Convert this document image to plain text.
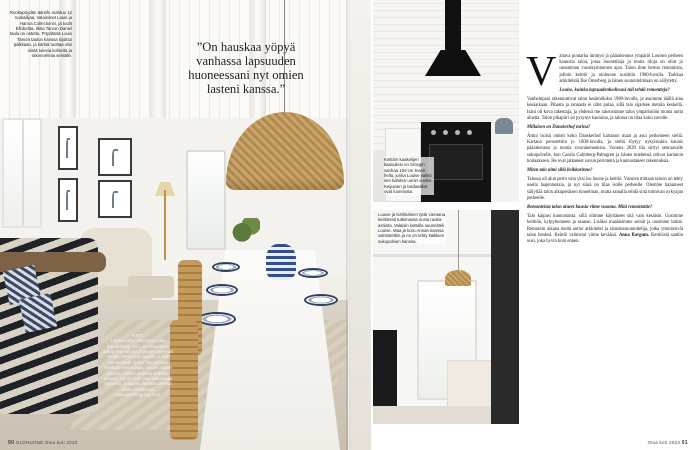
Ruokapöydän äärelle mahtuu 12 ruokailijaa. Valaisimet Louis ja Hanna Collectionin, ja tuolit Ellobeltta. Ilkka Tarvon Daniel taulu on ostettu. Pöydässä Louis Tarvon taulun kanssa sijoittui palkkaan, ja kärkiä tuottaa viisi niistä tulevia kohteita ja rakennelmia seinälle.
”On hauskaa yöpyä vanhassa lapsuuden huoneessani nyt omien lasteni kanssa.”
KATI
1980-luvulla rakennettu Lake Dannkirkeriin talo, on useamman sukupolven alusta. Kattojen asennus tehtiin 1980-luvun lopulla ja osa perinteisistä ovista. Nyt talossa mietitään uusia tiloja, muiden lasten kanssa. Lisäksi asuntoa pidetään tarkasti, jolloin tuolit ovat jatkuvassa käytössä, ja lapset viettävät talossa aikaa. Lisätietoja: www.danskogroup.com
90 OLOHUONE Oma koti 2023
Keittiön kaakelijen kaasuliesi on Smegin vanhaa 100 cm leveä hella, jonka Louise valitsi sen kahden uunin vuoksi. Keijuinen ja lasilaatikot ovat luonnosta.
Louise ja Kärkkäinen tytär vieraana keittiössä tutkimassa uusia ruoka-astioita. Valaisin kattolla suunnitteli Louise. Maa ja koru Annan kanssa valmistettiin ja ne on tehty kaikkien sukupolvien kanssa.

Valtava puutarha ümmyn ja päärakennus ympäröi Louisen perheen kaunista taloa, jossa huonetiloja ja muita tiloja on ollut jo useamman vuosikymmenen ajan. Talon ilme kertoo remontista, jolloin keittiö ja olohuone uusittiin 1980-luvulla. Tarkkaa arkkitehtiä Ilse Österberg ja hänen suunnitelmiaan on säilytetty.

Louise, kuinka lapsuudenkodissasi tuli tehdä remontteja?

Vanhempani rakennuttivat talon kesämökiksi 1980-luvulla, ja asuimme täällä aina kesäaikaan. Pihasta ja rannasta ei ollut pulaa, sillä talo sijaitsee metsän keskellä. Isäni oli kova rakentaja, ja yhdessä me rakensimme talon ympäristöön monta uutta aluetta. Talon pihapiiri on pysynyt kauniina, ja talossa on tilaa koko suvulle.

Millaisen on Danskerhof turina?

Äitini isoisä omisti koko Danskerhof kartanon maat ja asui perheineen siellä. Kartano perustettiin jo 1800-luvulla, ja sieltä löytyy nykyisinkin kaunis päärakennus ja monia sivurakennuksia. Vuonna 2020 tila siirtyi seuraavalle sukupolvelle, kun Carola Galmberg-Palmgren ja hänen miehensä ottivat kartanon hoitaakseen. He ovat jatkaneet suvun perinteitä ja kunnostaneet rakennuksia.

Miten talo nimi sillä lieikkarinne?

Talossa oli alun perin vain yksi iso huone ja keittiö. Vuosien mittaan taloon on tehty useita laajennuksia, ja nyt siinä on tilaa isolle perheelle. Olemme halunneet säilyttää talon alkuperäisen tunnelman, mutta samalla tehdä siitä toimivan nykyajan perheelle.

Remonteista talon alueet kuusia viime vuonna. Mitä remontoitte?

Talo kaipasi kunnostusta, sillä olimme käyttäneet sitä vain kesäisin. Uusimme keittiön, kylpyhuoneen ja saunan. Lisäksi maalasimme seinät ja uusimme lattiat. Remontin aikana meitä auttoi arkkitehti ja sisustussuunnittelija, jotka ymmärsivät talon henkeä. Keittiö valmistui viime keväänä. Anna Bargum. Keittiöstä saatiin uusi, joka hyvin kuin ennen.

Oma koti 2023 91
